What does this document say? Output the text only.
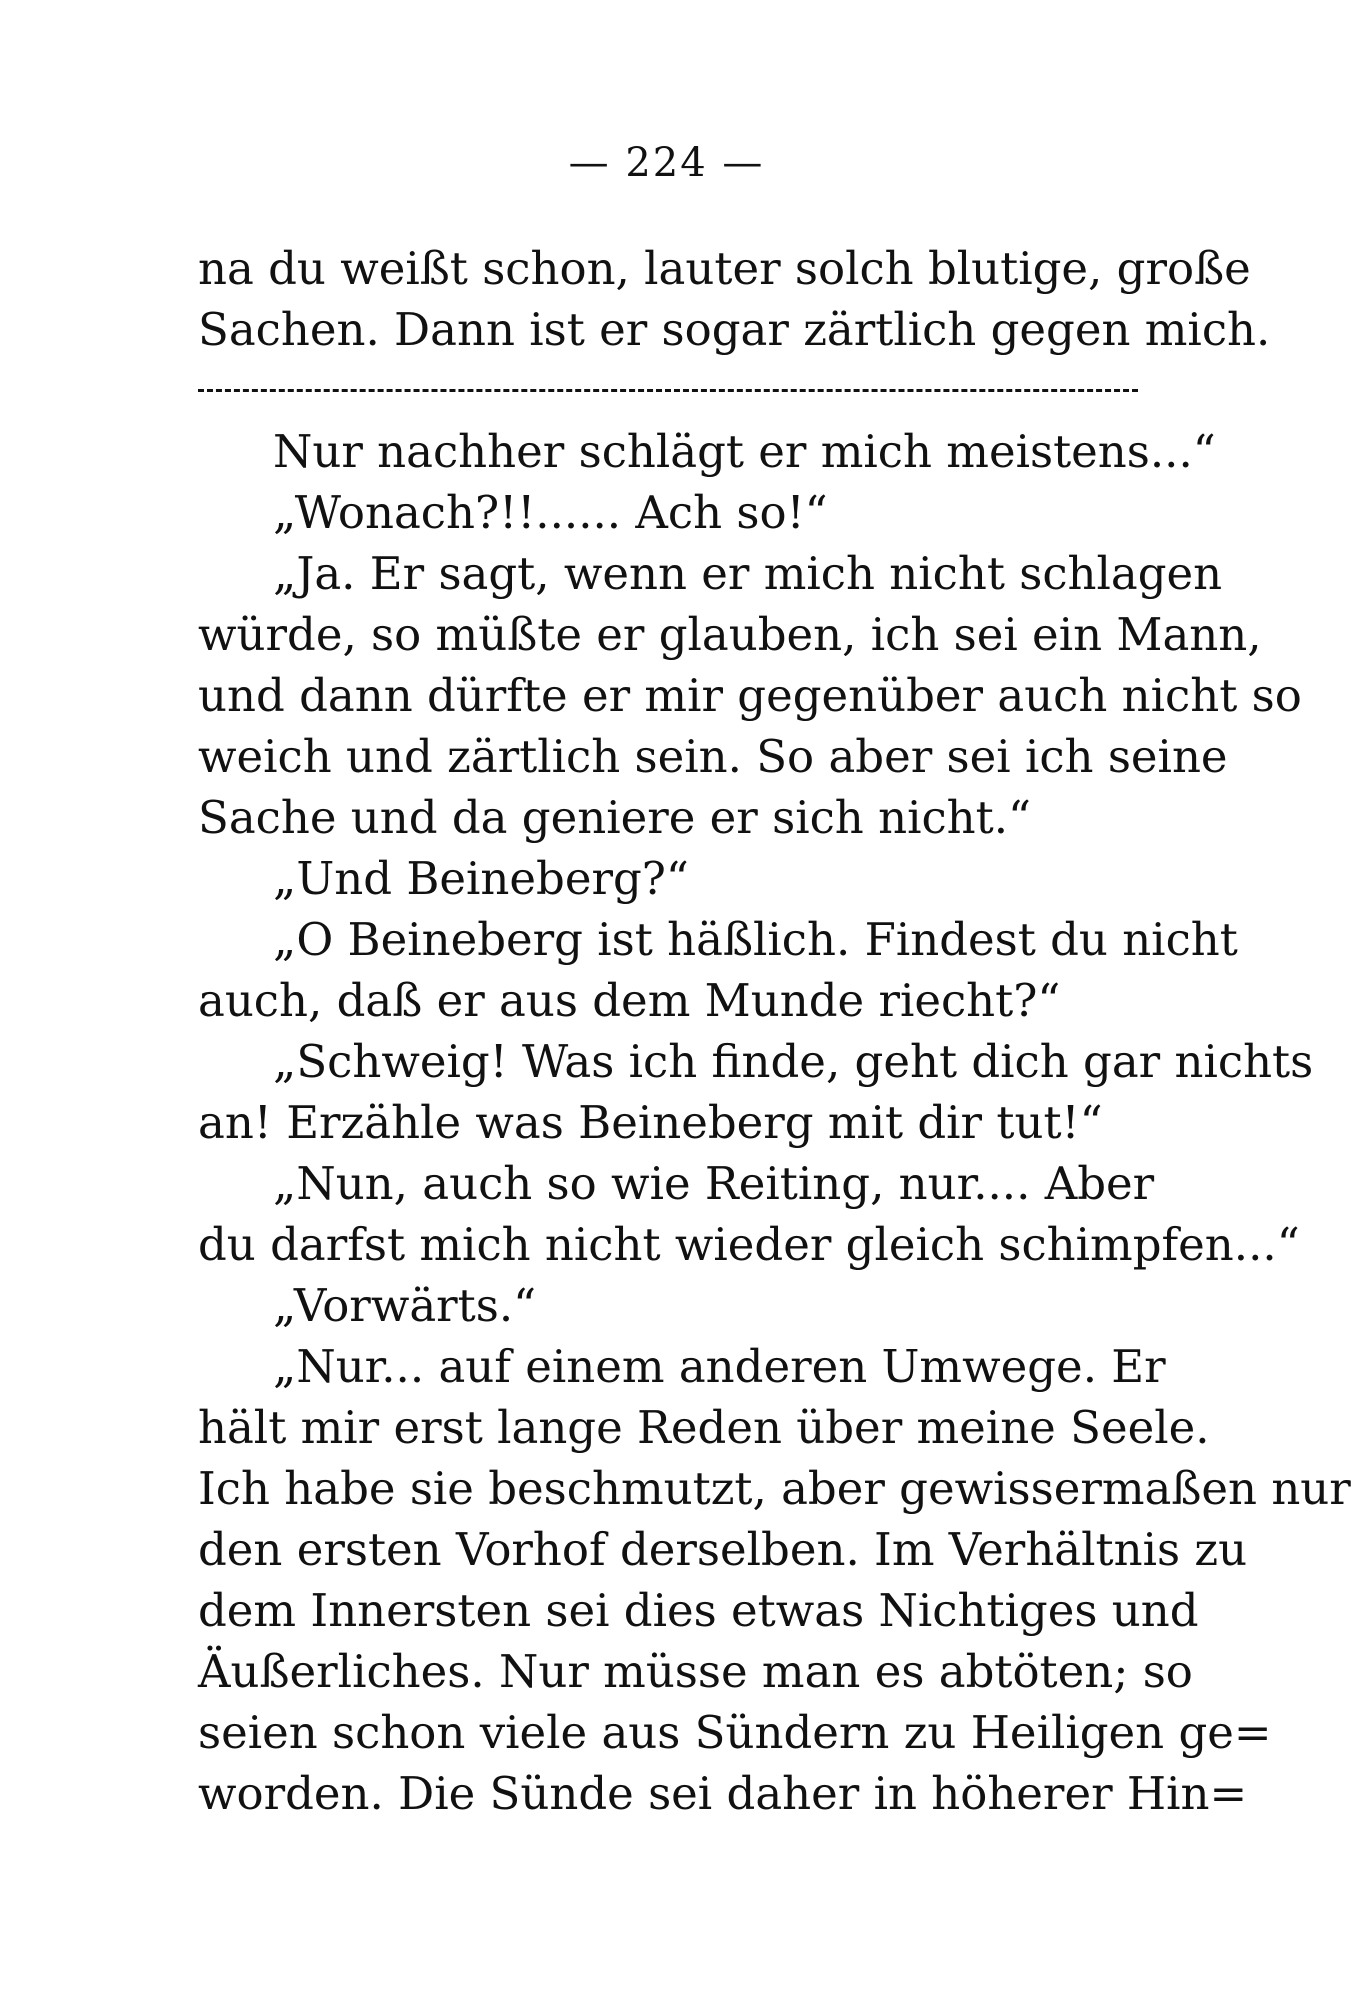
— 224 —
na du weißt schon, lauter solch blutige, große
Sachen. Dann ist er sogar zärtlich gegen mich.
Nur nachher schlägt er mich meistens...“
„Wonach?!!...... Ach so!“
„Ja. Er sagt, wenn er mich nicht schlagen
würde, so müßte er glauben, ich sei ein Mann,
und dann dürfte er mir gegenüber auch nicht so
weich und zärtlich sein. So aber sei ich seine
Sache und da geniere er sich nicht.“
„Und Beineberg?“
„O Beineberg ist häßlich. Findest du nicht
auch, daß er aus dem Munde riecht?“
„Schweig! Was ich finde, geht dich gar nichts
an! Erzähle was Beineberg mit dir tut!“
„Nun, auch so wie Reiting, nur.... Aber
du darfst mich nicht wieder gleich schimpfen...“
„Vorwärts.“
„Nur... auf einem anderen Umwege. Er
hält mir erst lange Reden über meine Seele.
Ich habe sie beschmutzt, aber gewissermaßen nur
den ersten Vorhof derselben. Im Verhältnis zu
dem Innersten sei dies etwas Nichtiges und
Äußerliches. Nur müsse man es abtöten; so
seien schon viele aus Sündern zu Heiligen ge=
worden. Die Sünde sei daher in höherer Hin=
